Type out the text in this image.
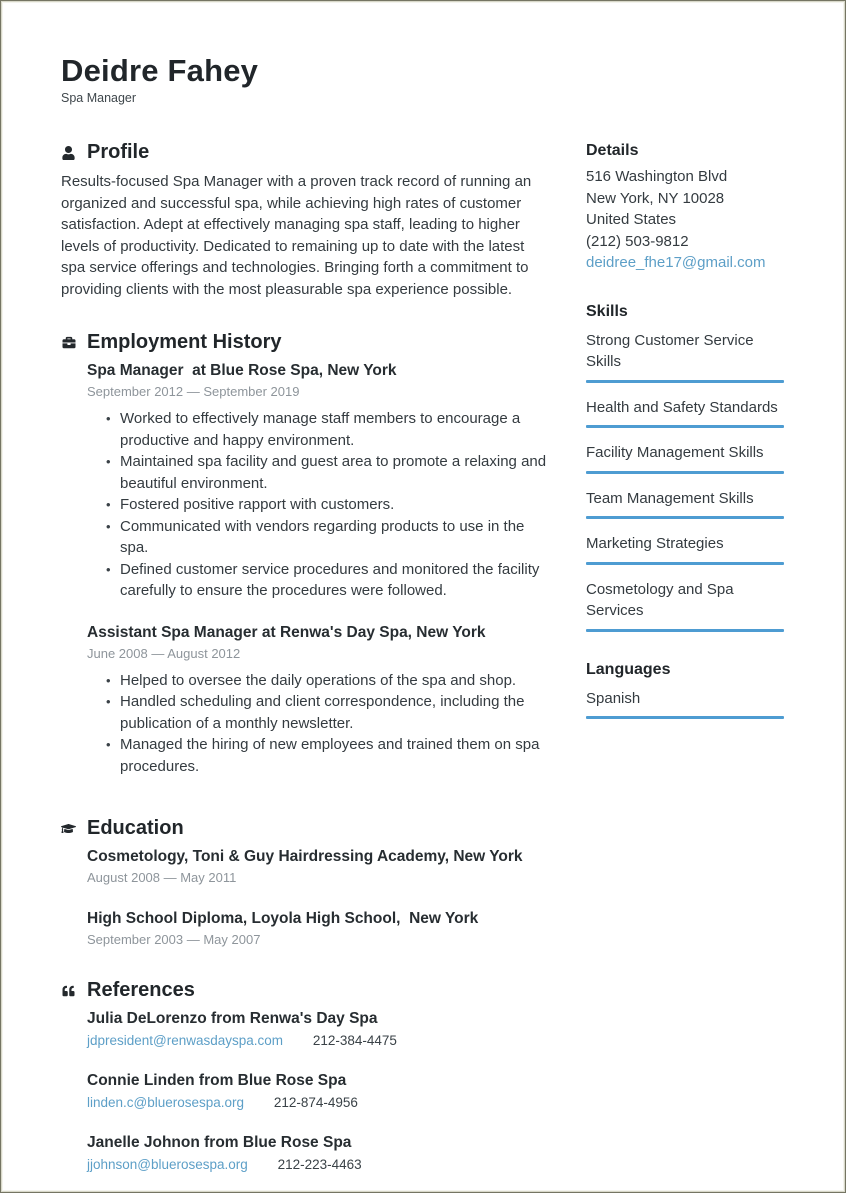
Deidre Fahey

Spa Manager

Profile

Results-focused Spa Manager with a proven track record of running an organized and successful spa, while achieving high rates of customer satisfaction. Adept at effectively managing spa staff, leading to higher levels of productivity. Dedicated to remaining up to date with the latest spa service offerings and technologies. Bringing forth a commitment to providing clients with the most pleasurable spa experience possible.

Employment History
Spa Manager  at Blue Rose Spa, New York

September 2012 — September 2019

• Worked to effectively manage staff members to encourage a productive and happy environment.
• Maintained spa facility and guest area to promote a relaxing and beautiful environment.
• Fostered positive rapport with customers.
• Communicated with vendors regarding products to use in the spa.
• Defined customer service procedures and monitored the facility carefully to ensure the procedures were followed.
Assistant Spa Manager at Renwa's Day Spa, New York

June 2008 — August 2012

• Helped to oversee the daily operations of the spa and shop.
• Handled scheduling and client correspondence, including the publication of a monthly newsletter.
• Managed the hiring of new employees and trained them on spa procedures.
Education
Cosmetology, Toni & Guy Hairdressing Academy, New York

August 2008 — May 2011

High School Diploma, Loyola High School,  New York

September 2003 — May 2007

References
Julia DeLorenzo from Renwa's Day Spa

jdpresident@renwasdayspa.com 212-384-4475

Connie Linden from Blue Rose Spa

linden.c@bluerosespa.org 212-874-4956

Janelle Johnon from Blue Rose Spa

jjohnson@bluerosespa.org 212-223-4463

Details
516 Washington Blvd
New York, NY 10028
United States
(212) 503-9812
deidree_fhe17@gmail.com
Skills
Strong Customer Service Skills
Health and Safety Standards
Facility Management Skills
Team Management Skills
Marketing Strategies
Cosmetology and Spa Services
Languages
Spanish
